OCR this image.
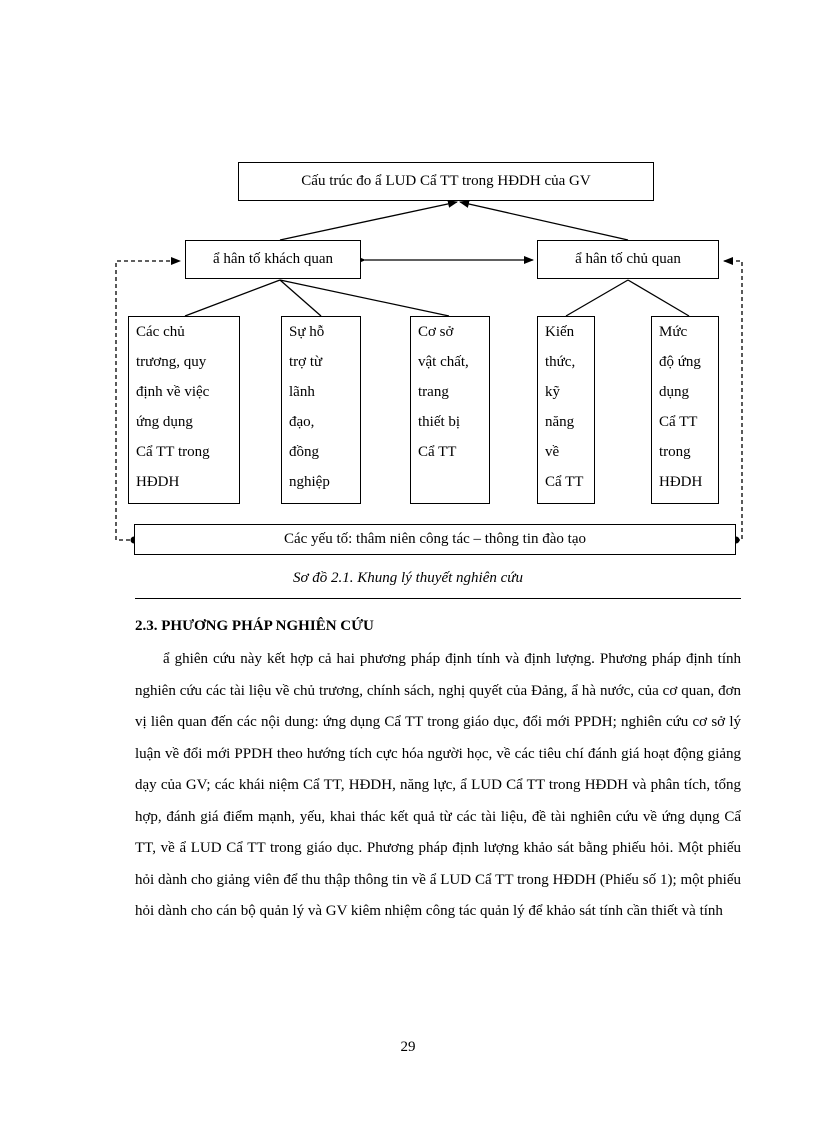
Cấu trúc đo ẩ LUD Cẩ TT trong HĐDH của GV
ẩ hân tố khách quan	ẩ hân tố chủ quan
Các chủ
trương, quy
định về việc
ứng dụng
Cẩ TT trong
HĐDH
Sự hỗ
trợ từ
lãnh
đạo,
đồng
nghiệp
Cơ sở
vật chất,
trang
thiết bị
Cẩ TT
Kiến
thức,
kỹ
năng
về
Cẩ TT
Mức
độ ứng
dụng
Cẩ TT
trong
HĐDH
Các yếu tố: thâm niên công tác – thông tin đào tạo
Sơ đồ 2.1. Khung lý thuyết nghiên cứu
2.3. PHƯƠNG PHÁP NGHIÊN CỨU
ẩ ghiên cứu này kết hợp cả hai phương pháp định tính và định lượng. Phương pháp định tính nghiên cứu các tài liệu về chủ trương, chính sách, nghị quyết của Đảng, ẩ hà nước, của cơ quan, đơn vị liên quan đến các nội dung: ứng dụng Cẩ TT trong giáo dục, đổi mới PPDH; nghiên cứu cơ sở lý luận về đổi mới PPDH theo hướng tích cực hóa người học, về các tiêu chí đánh giá hoạt động giảng dạy của GV; các khái niệm Cẩ TT, HĐDH, năng lực, ẩ LUD Cẩ TT trong HĐDH và phân tích, tổng hợp, đánh giá điểm mạnh, yếu, khai thác kết quả từ các tài liệu, đề tài nghiên cứu về ứng dụng Cẩ TT, về ẩ LUD Cẩ TT trong giáo dục. Phương pháp định lượng khảo sát bằng phiếu hỏi. Một phiếu hỏi dành cho giảng viên để thu thập thông tin về ẩ LUD Cẩ TT trong HĐDH (Phiếu số 1); một phiếu hỏi dành cho cán bộ quản lý và GV kiêm nhiệm công tác quản lý để khảo sát tính cần thiết và tính
29
